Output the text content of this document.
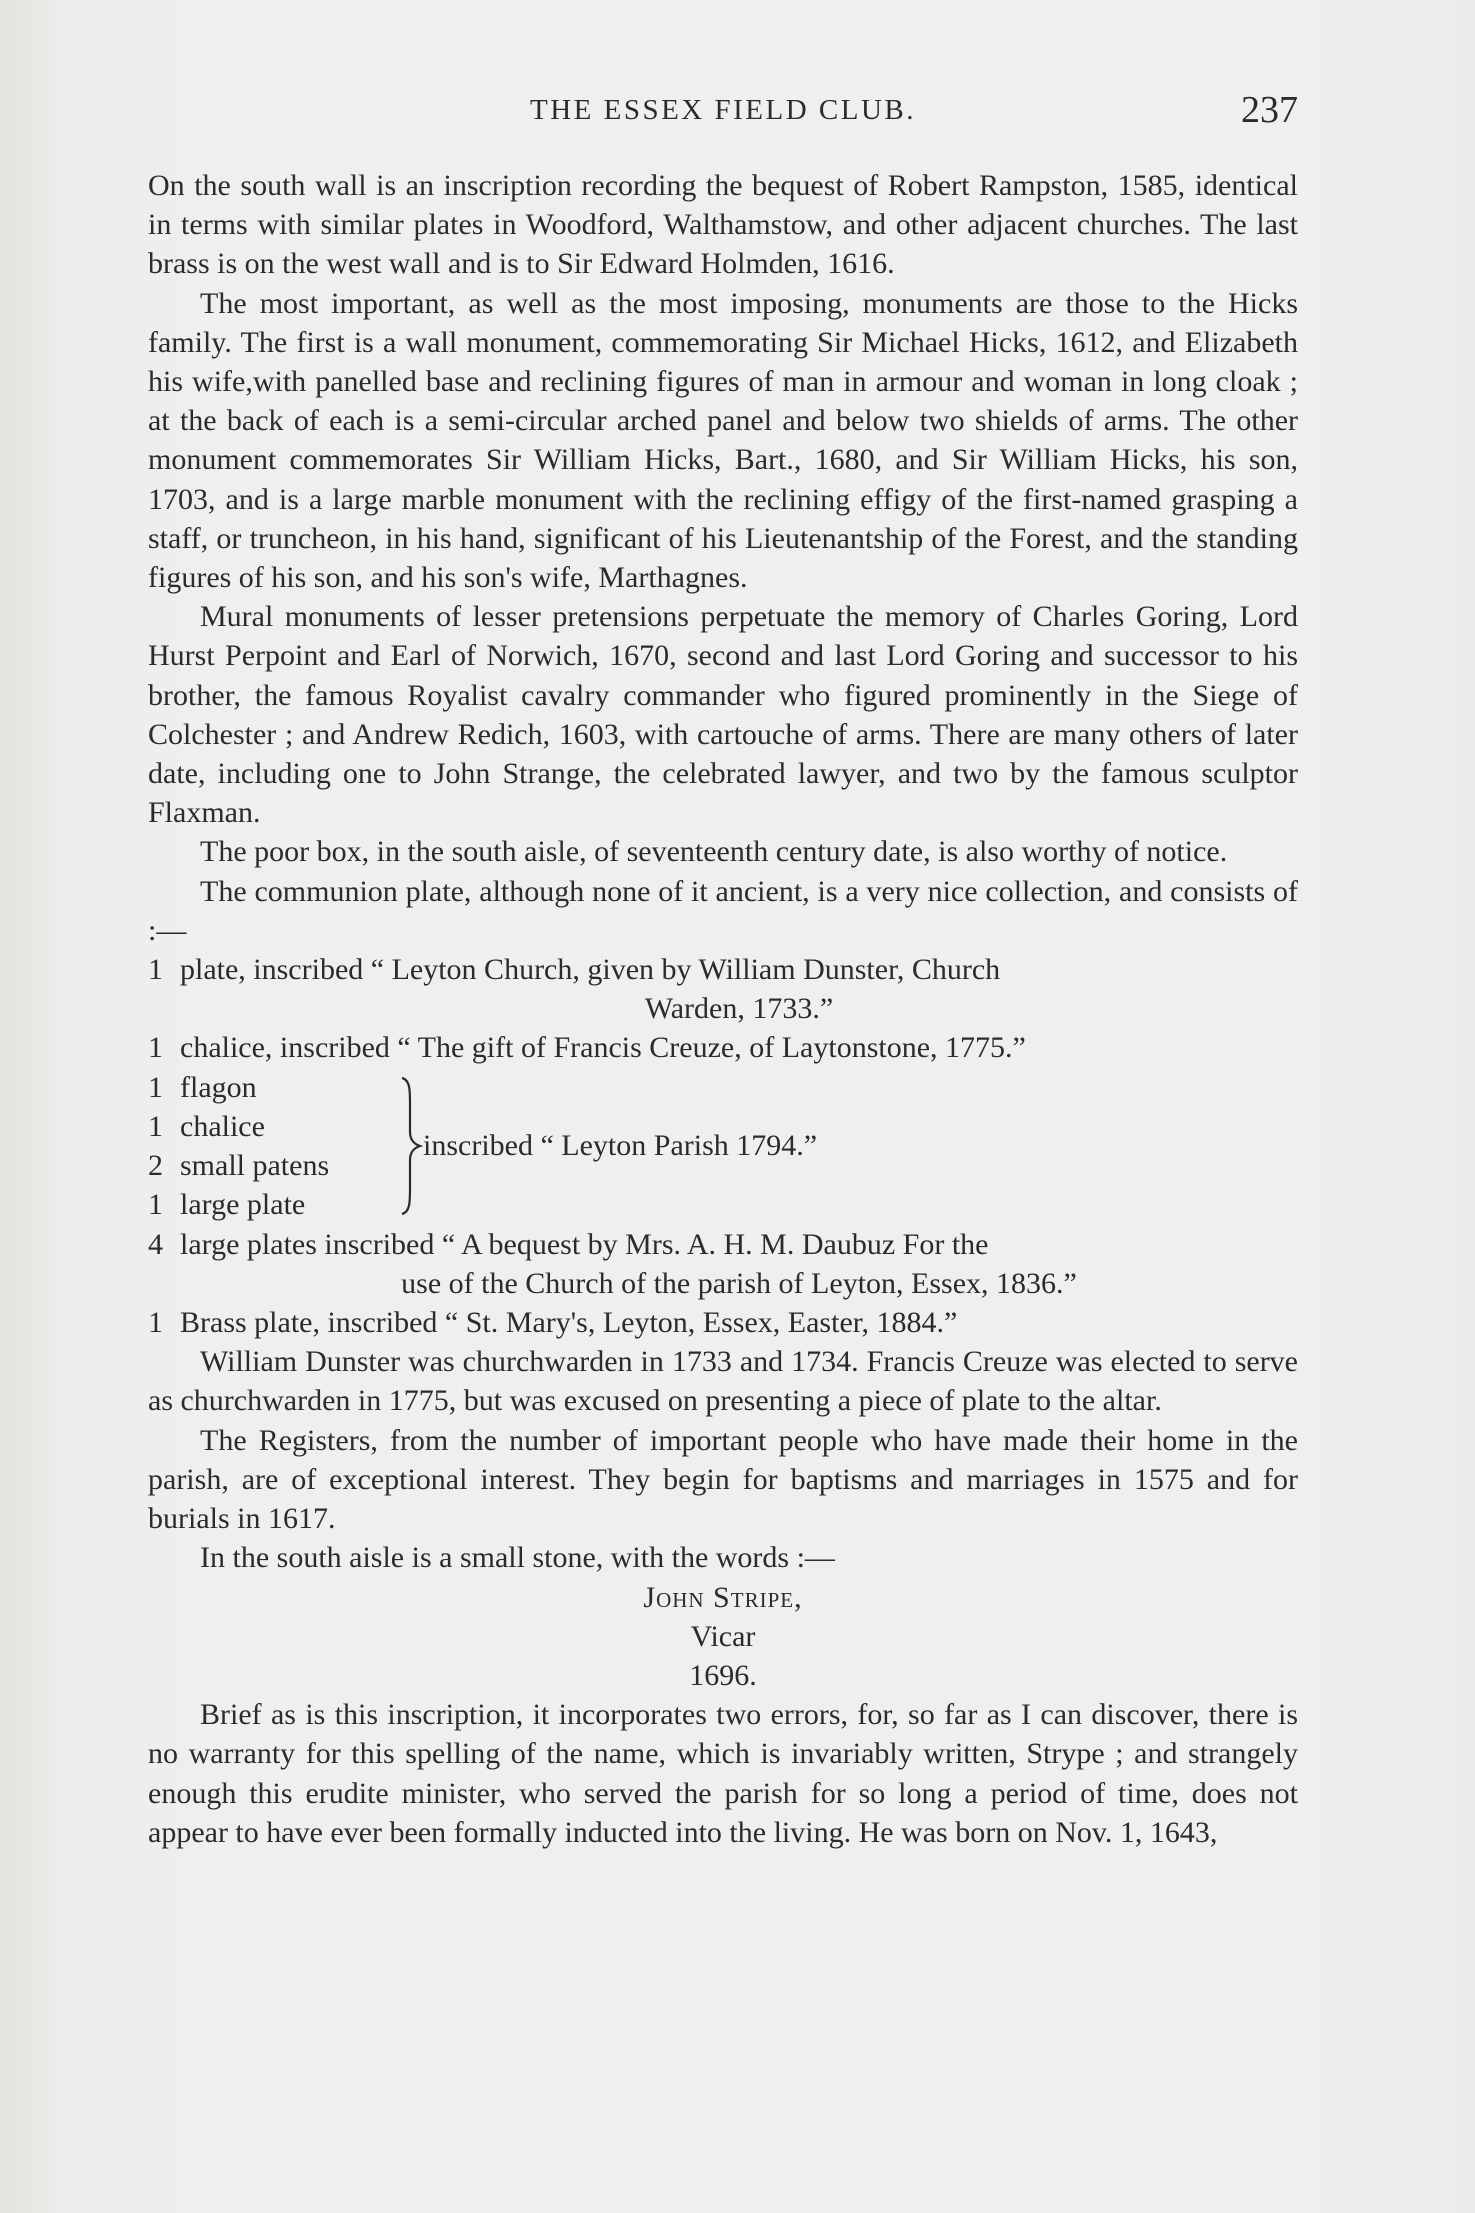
THE ESSEX FIELD CLUB.	237

On the south wall is an inscription recording the bequest of Robert Rampston, 1585, identical in terms with similar plates in Woodford, Walthamstow, and other adjacent churches. The last brass is on the west wall and is to Sir Edward Holmden, 1616.

The most important, as well as the most imposing, monuments are those to the Hicks family. The first is a wall monument, commemorating Sir Michael Hicks, 1612, and Elizabeth his wife,with panelled base and reclining figures of man in armour and woman in long cloak ; at the back of each is a semi-circular arched panel and below two shields of arms. The other monument commemorates Sir William Hicks, Bart., 1680, and Sir William Hicks, his son, 1703, and is a large marble monument with the reclining effigy of the first-named grasping a staff, or truncheon, in his hand, significant of his Lieutenantship of the Forest, and the standing figures of his son, and his son's wife, Marthagnes.

Mural monuments of lesser pretensions perpetuate the memory of Charles Goring, Lord Hurst Perpoint and Earl of Norwich, 1670, second and last Lord Goring and successor to his brother, the famous Royalist cavalry commander who figured prominently in the Siege of Colchester ; and Andrew Redich, 1603, with cartouche of arms. There are many others of later date, including one to John Strange, the celebrated lawyer, and two by the famous sculptor Flaxman.

The poor box, in the south aisle, of seventeenth century date, is also worthy of notice.

The communion plate, although none of it ancient, is a very nice collection, and consists of :—

1 plate, inscribed “ Leyton Church, given by William Dunster, Church
Warden, 1733.”
1 chalice, inscribed “ The gift of Francis Creuze, of Laytonstone, 1775.”
1 flagon
1 chalice
2 small patens
1 large plate
inscribed “ Leyton Parish 1794.”
4 large plates inscribed “ A bequest by Mrs. A. H. M. Daubuz For the
use of the Church of the parish of Leyton, Essex, 1836.”
1 Brass plate, inscribed “ St. Mary's, Leyton, Essex, Easter, 1884.”

William Dunster was churchwarden in 1733 and 1734. Francis Creuze was elected to serve as churchwarden in 1775, but was excused on presenting a piece of plate to the altar.

The Registers, from the number of important people who have made their home in the parish, are of exceptional interest. They begin for baptisms and marriages in 1575 and for burials in 1617.

In the south aisle is a small stone, with the words :—

John Stripe,
Vicar
1696.

Brief as is this inscription, it incorporates two errors, for, so far as I can discover, there is no warranty for this spelling of the name, which is invariably written, Strype ; and strangely enough this erudite minister, who served the parish for so long a period of time, does not appear to have ever been formally inducted into the living. He was born on Nov. 1, 1643,
